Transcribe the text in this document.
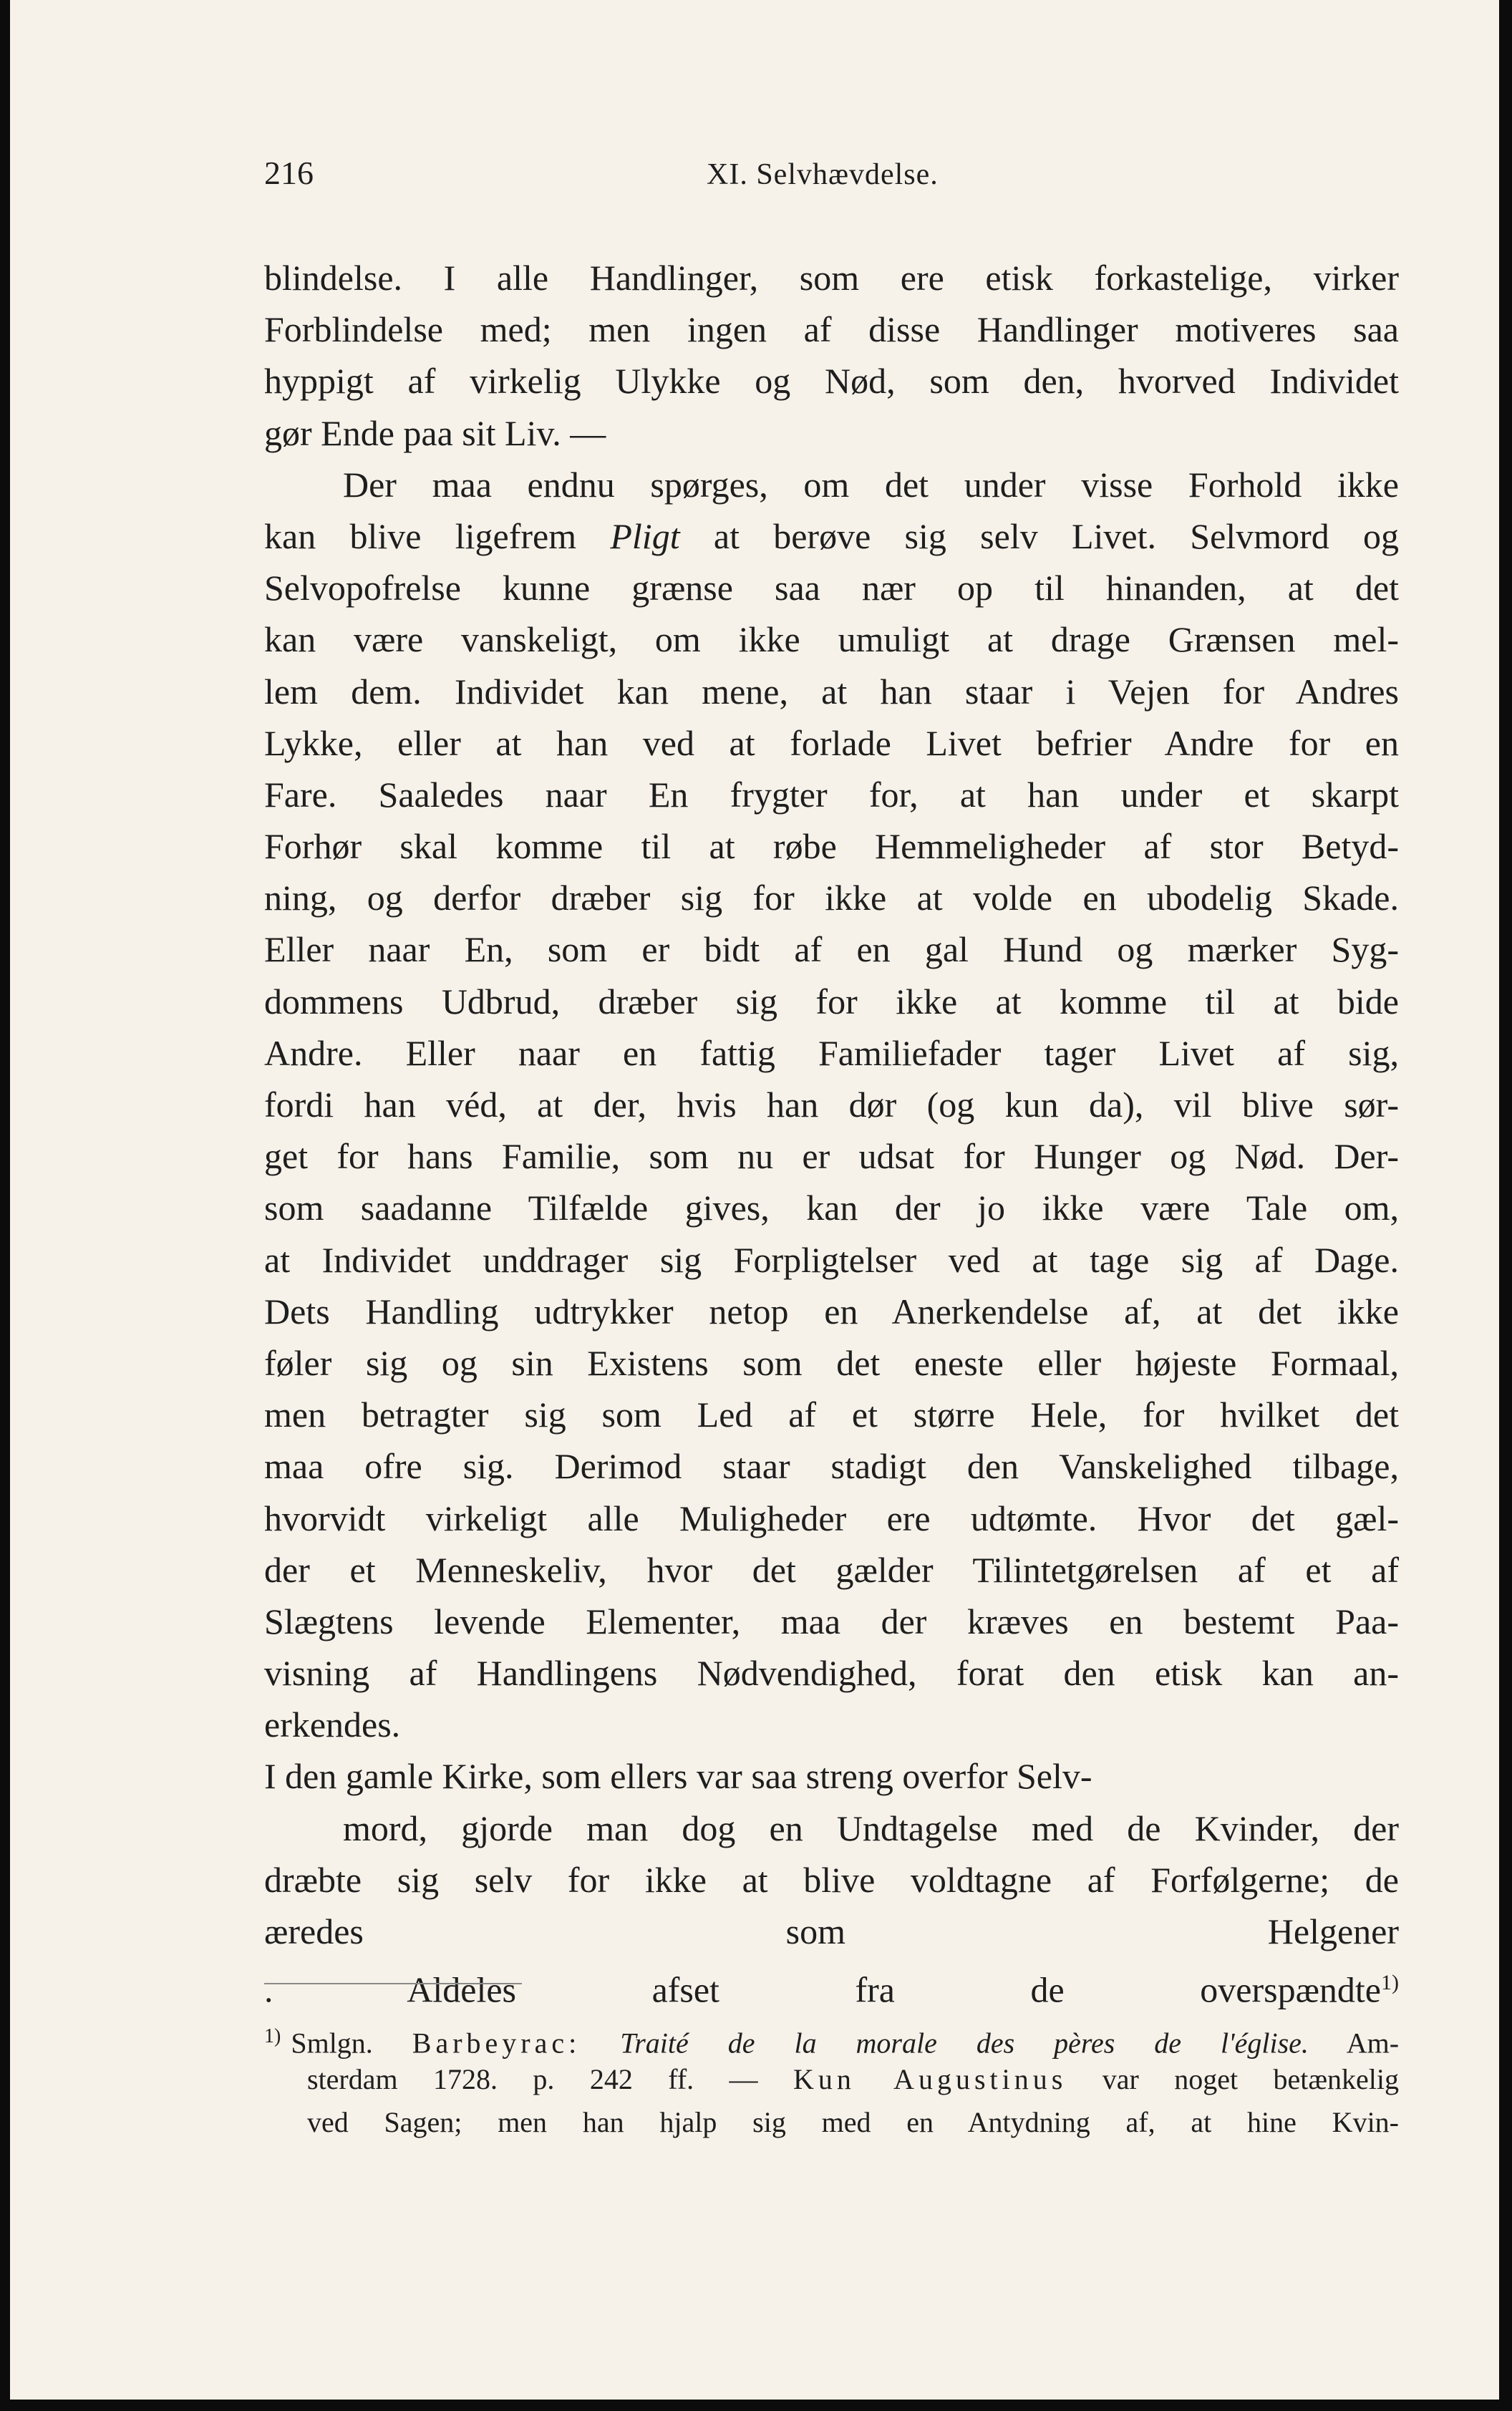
216	XI. Selvhævdelse.
blindelse. I alle Handlinger, som ere etisk forkastelige, virker
Forblindelse med; men ingen af disse Handlinger motiveres saa
hyppigt af virkelig Ulykke og Nød, som den, hvorved Individet
gør Ende paa sit Liv. —
Der maa endnu spørges, om det under visse Forhold ikke
kan blive ligefrem Pligt at berøve sig selv Livet. Selvmord og
Selvopofrelse kunne grænse saa nær op til hinanden, at det
kan være vanskeligt, om ikke umuligt at drage Grænsen mel-
lem dem. Individet kan mene, at han staar i Vejen for Andres
Lykke, eller at han ved at forlade Livet befrier Andre for en
Fare. Saaledes naar En frygter for, at han under et skarpt
Forhør skal komme til at røbe Hemmeligheder af stor Betyd-
ning, og derfor dræber sig for ikke at volde en ubodelig Skade.
Eller naar En, som er bidt af en gal Hund og mærker Syg-
dommens Udbrud, dræber sig for ikke at komme til at bide
Andre. Eller naar en fattig Familiefader tager Livet af sig,
fordi han véd, at der, hvis han dør (og kun da), vil blive sør-
get for hans Familie, som nu er udsat for Hunger og Nød. Der-
som saadanne Tilfælde gives, kan der jo ikke være Tale om,
at Individet unddrager sig Forpligtelser ved at tage sig af Dage.
Dets Handling udtrykker netop en Anerkendelse af, at det ikke
føler sig og sin Existens som det eneste eller højeste Formaal,
men betragter sig som Led af et større Hele, for hvilket det
maa ofre sig. Derimod staar stadigt den Vanskelighed tilbage,
hvorvidt virkeligt alle Muligheder ere udtømte. Hvor det gæl-
der et Menneskeliv, hvor det gælder Tilintetgørelsen af et af
Slægtens levende Elementer, maa der kræves en bestemt Paa-
visning af Handlingens Nødvendighed, forat den etisk kan an-
erkendes.
I den gamle Kirke, som ellers var saa streng overfor Selv-
mord, gjorde man dog en Undtagelse med de Kvinder, der
dræbte sig selv for ikke at blive voldtagne af Forfølgerne; de
æredes som Helgener
. Aldeles afset fra de overspændte$^{1)}$
$^{1)}$ Smlgn. Barbeyrac: Traité de la morale des pères de l'église. Am-
sterdam 1728. p. 242 ff. — Kun Augustinus var noget betænkelig
ved Sagen; men han hjalp sig med en Antydning af, at hine Kvin-
